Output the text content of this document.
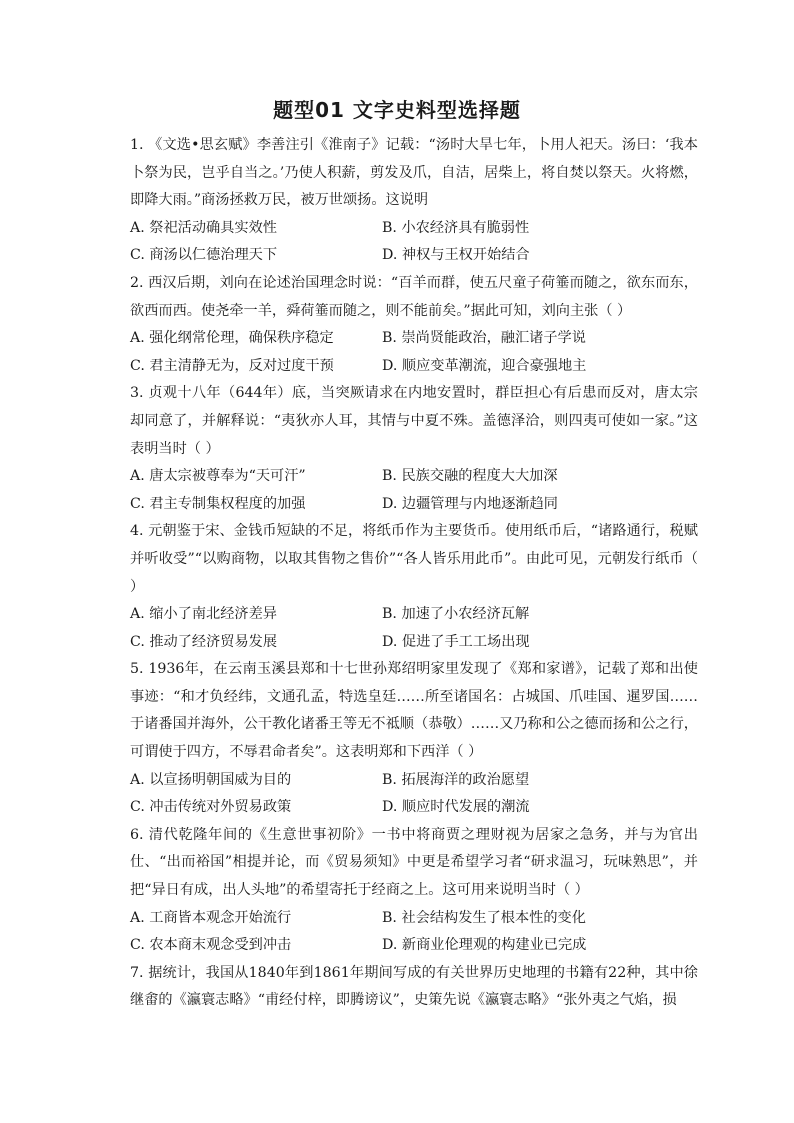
题型01 文字史料型选择题

1. 《文选•思玄赋》李善注引《淮南子》记载：“汤时大旱七年，卜用人祀天。汤曰：‘我本卜祭为民，岂乎自当之。’乃使人积薪，剪发及爪，自洁，居柴上，将自焚以祭天。火将燃，即降大雨。”商汤拯救万民，被万世颂扬。这说明

A. 祭祀活动确具实效性	B. 小农经济具有脆弱性
C. 商汤以仁德治理天下	D. 神权与王权开始结合

2. 西汉后期，刘向在论述治国理念时说：“百羊而群，使五尺童子荷箠而随之，欲东而东，欲西而西。使尧牵一羊，舜荷箠而随之，则不能前矣。”据此可知，刘向主张（ ）

A. 强化纲常伦理，确保秩序稳定	B. 崇尚贤能政治，融汇诸子学说
C. 君主清静无为，反对过度干预	D. 顺应变革潮流，迎合豪强地主

3. 贞观十八年（644年）底，当突厥请求在内地安置时，群臣担心有后患而反对，唐太宗却同意了，并解释说：“夷狄亦人耳，其情与中夏不殊。盖德泽洽，则四夷可使如一家。”这表明当时（ ）

A. 唐太宗被尊奉为“天可汗”	B. 民族交融的程度大大加深
C. 君主专制集权程度的加强	D. 边疆管理与内地逐渐趋同

4. 元朝鉴于宋、金钱币短缺的不足，将纸币作为主要货币。使用纸币后，“诸路通行，税赋并听收受”“以购商物，以取其售物之售价”“各人皆乐用此币”。由此可见，元朝发行纸币（ ）

A. 缩小了南北经济差异	B. 加速了小农经济瓦解
C. 推动了经济贸易发展	D. 促进了手工工场出现

5. 1936年，在云南玉溪县郑和十七世孙郑绍明家里发现了《郑和家谱》，记载了郑和出使事迹：“和才负经纬，文通孔孟，特选皇廷……所至诸国名：占城国、爪哇国、暹罗国……于诸番国并海外，公干教化诸番王等无不祗顺（恭敬）……又乃称和公之德而扬和公之行，可谓使于四方，不辱君命者矣”。这表明郑和下西洋（ ）

A. 以宣扬明朝国威为目的	B. 拓展海洋的政治愿望
C. 冲击传统对外贸易政策	D. 顺应时代发展的潮流

6. 清代乾隆年间的《生意世事初阶》一书中将商贾之理财视为居家之急务，并与为官出仕、“出而裕国”相提并论，而《贸易须知》中更是希望学习者“研求温习，玩味熟思”，并把“异日有成，出人头地”的希望寄托于经商之上。这可用来说明当时（ ）

A. 工商皆本观念开始流行	B. 社会结构发生了根本性的变化
C. 农本商末观念受到冲击	D. 新商业伦理观的构建业已完成

7. 据统计，我国从1840年到1861年期间写成的有关世界历史地理的书籍有22种，其中徐继畬的《瀛寰志略》“甫经付梓，即腾谤议”，史策先说《瀛寰志略》“张外夷之气焰，损
